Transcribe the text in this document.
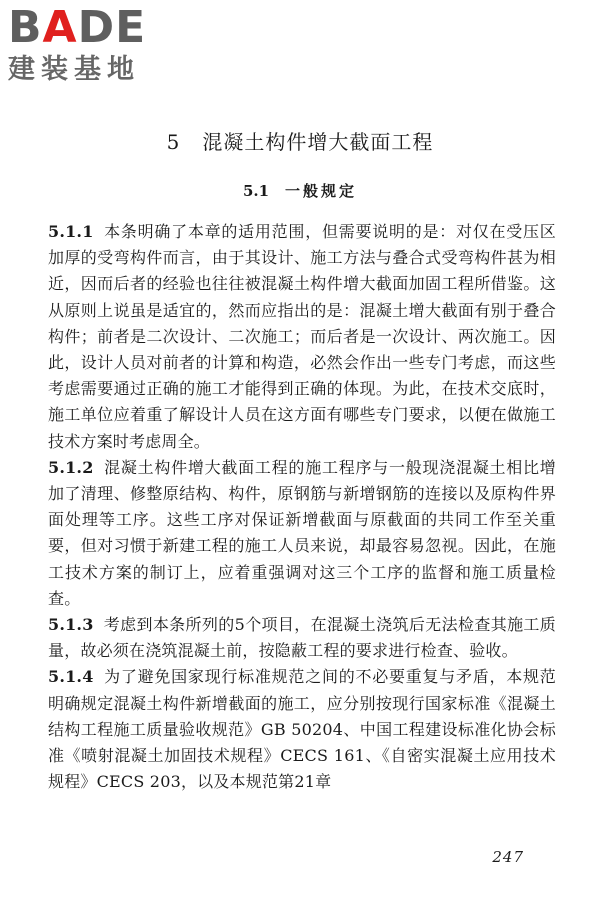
BADE
建装基地
5 混凝土构件增大截面工程
5.1 一般规定

5.1.1 本条明确了本章的适用范围，但需要说明的是：对仅在受压区加厚的受弯构件而言，由于其设计、施工方法与叠合式受弯构件甚为相近，因而后者的经验也往往被混凝土构件增大截面加固工程所借鉴。这从原则上说虽是适宜的，然而应指出的是：混凝土增大截面有别于叠合构件；前者是二次设计、二次施工；而后者是一次设计、两次施工。因此，设计人员对前者的计算和构造，必然会作出一些专门考虑，而这些考虑需要通过正确的施工才能得到正确的体现。为此，在技术交底时，施工单位应着重了解设计人员在这方面有哪些专门要求，以便在做施工技术方案时考虑周全。

5.1.2 混凝土构件增大截面工程的施工程序与一般现浇混凝土相比增加了清理、修整原结构、构件，原钢筋与新增钢筋的连接以及原构件界面处理等工序。这些工序对保证新增截面与原截面的共同工作至关重要，但对习惯于新建工程的施工人员来说，却最容易忽视。因此，在施工技术方案的制订上，应着重强调对这三个工序的监督和施工质量检查。

5.1.3 考虑到本条所列的5个项目，在混凝土浇筑后无法检查其施工质量，故必须在浇筑混凝土前，按隐蔽工程的要求进行检查、验收。

5.1.4 为了避免国家现行标准规范之间的不必要重复与矛盾，本规范明确规定混凝土构件新增截面的施工，应分别按现行国家标准《混凝土结构工程施工质量验收规范》GB 50204、中国工程建设标准化协会标准《喷射混凝土加固技术规程》CECS 161、《自密实混凝土应用技术规程》CECS 203，以及本规范第21章

247
